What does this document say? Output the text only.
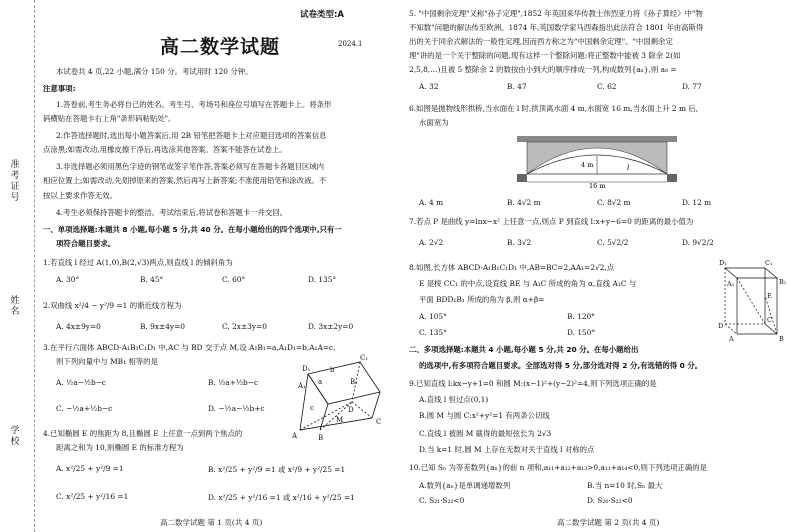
准考证号
姓名
学校
试卷类型:A
高二数学试题	2024.1
本试卷共 4 页,22 小题,满分 150 分。考试用时 120 分钟。
注意事项:
1.答卷前,考生务必将自己的姓名、考生号、考场号和座位号填写在答题卡上。将条形
码横贴在答题卡右上角"条形码粘贴处"。
2.作答选择题时,选出每小题答案后,用 2B 铅笔把答题卡上对应题目选项的答案信息
点涂黑;如需改动,用橡皮擦干净后,再选涂其他答案。答案不能答在试卷上。
3.非选择题必须用黑色字迹的钢笔或签字笔作答,答案必须写在答题卡各题目区域内
相应位置上;如需改动,先划掉原来的答案,然后再写上新答案;不准使用铅笔和涂改液。不
按以上要求作答无效。
4.考生必须保持答题卡的整洁。考试结束后,将试卷和答题卡一并交回。
一、单项选择题:本题共 8 小题,每小题 5 分,共 40 分。在每小题给出的四个选项中,只有一
项符合题目要求。
1.若直线 l 经过 A(1,0),B(2,√3)两点,则直线 l 的倾斜角为
A. 30°	B. 45°	C. 60°	D. 135°
2.双曲线 x²/4 − y²/9 =1 的渐近线方程为
A. 4x±9y=0	B. 9x±4y=0	C. 2x±3y=0	D. 3x±2y=0
3.在平行六面体 ABCD-A₁B₁C₁D₁ 中,AC 与 BD 交于点 M,设 A₁B₁=a,A₁D₁=b,A₁A=c,
则下列向量中与 MB₁ 相等的是
A. ½a−½b−c	B. ½a+½b−c
C. −½a+½b−c	D. −½a−½b+c
D₁
C₁
A₁	B₁
D
C
A	B
M
a
b
c
4.已知椭圆 E 的焦距为 8,且椭圆 E 上任意一点到两个焦点的
距离之和为 10,则椭圆 E 的标准方程为
A. x²/25 + y²/9 =1	B. x²/25 + y²/9 =1 或 x²/9 + y²/25 =1
C. x²/25 + y²/16 =1	D. x²/25 + y²/16 =1 或 x²/16 + y²/25 =1
高二数学试题 第 1 页(共 4 页)
5. "中国剩余定理"又称"孙子定理",1852 年英国来华传教士伟烈亚力将《孙子算经》中"物
不知数"问题的解法传至欧洲。1874 年,英国数学家马西森指出此法符合 1801 年由高斯得
出的关于同余式解法的一般性定理,因而西方称之为"中国剩余定理"。"中国剩余定
理"讲的是一个关于整除的问题,现有这样一个整除问题:将正整数中能被 3 除余 2(如
2,5,8,…)且被 5 整除余 2 的数按由小到大的顺序排成一列,构成数列{aₙ},则 a₈ =
A. 32	B. 47	C. 62	D. 77
6.如图是抛物线形拱桥,当水面在 l 时,拱顶离水面 4 m,水面宽 16 m,当水面上升 2 m 后,
水面宽为
4 m	l
16 m
A. 4 m	B. 4√2 m	C. 8√2 m	D. 12 m
7.若点 P 是曲线 y=lnx−x² 上任意一点,则点 P 到直线 l:x+y−6=0 的距离的最小值为
A. 2√2	B. 3√2	C. 5√2/2	D. 9√2/2
8.如图,长方体 ABCD-A₁B₁C₁D₁ 中,AB=BC=2,AA₁=2√2,点
E 是棱 CC₁ 的中点,设直线 BE 与 A₁C 所成的角为 α,直线 A₁C 与
平面 BDD₁B₁ 所成的角为 β,则 α+β=
A. 105°	B. 120°
C. 135°	D. 150°
D₁	C₁
A₁	B₁
E
D
C
A	B
二、多项选择题:本题共 4 小题,每小题 5 分,共 20 分。在每小题给出
的选项中,有多项符合题目要求。全部选对得 5 分,部分选对得 2 分,有选错的得 0 分。
9.已知直线 l:kx−y+1=0 和圆 M:(x−1)²+(y−2)²=4,则下列选项正确的是
A.直线 l 恒过点(0,1)
B.圆 M 与圆 C:x²+y²=1 有两条公切线
C.直线 l 被圆 M 截得的最短弦长为 2√3
D.当 k=1 时,圆 M 上存在无数对关于直线 l 对称的点
10.已知 Sₙ 为等差数列{aₙ}的前 n 项和,a₁₁+a₁₂+a₁₃>0,a₁₁+a₁₄<0,则下列选项正确的是
A.数列{aₙ}是单调递增数列	B.当 n=10 时,Sₙ 最大
C. S₂₁·S₂₂<0	D. S₂₀·S₂₂<0
高二数学试题 第 2 页(共 4 页)
